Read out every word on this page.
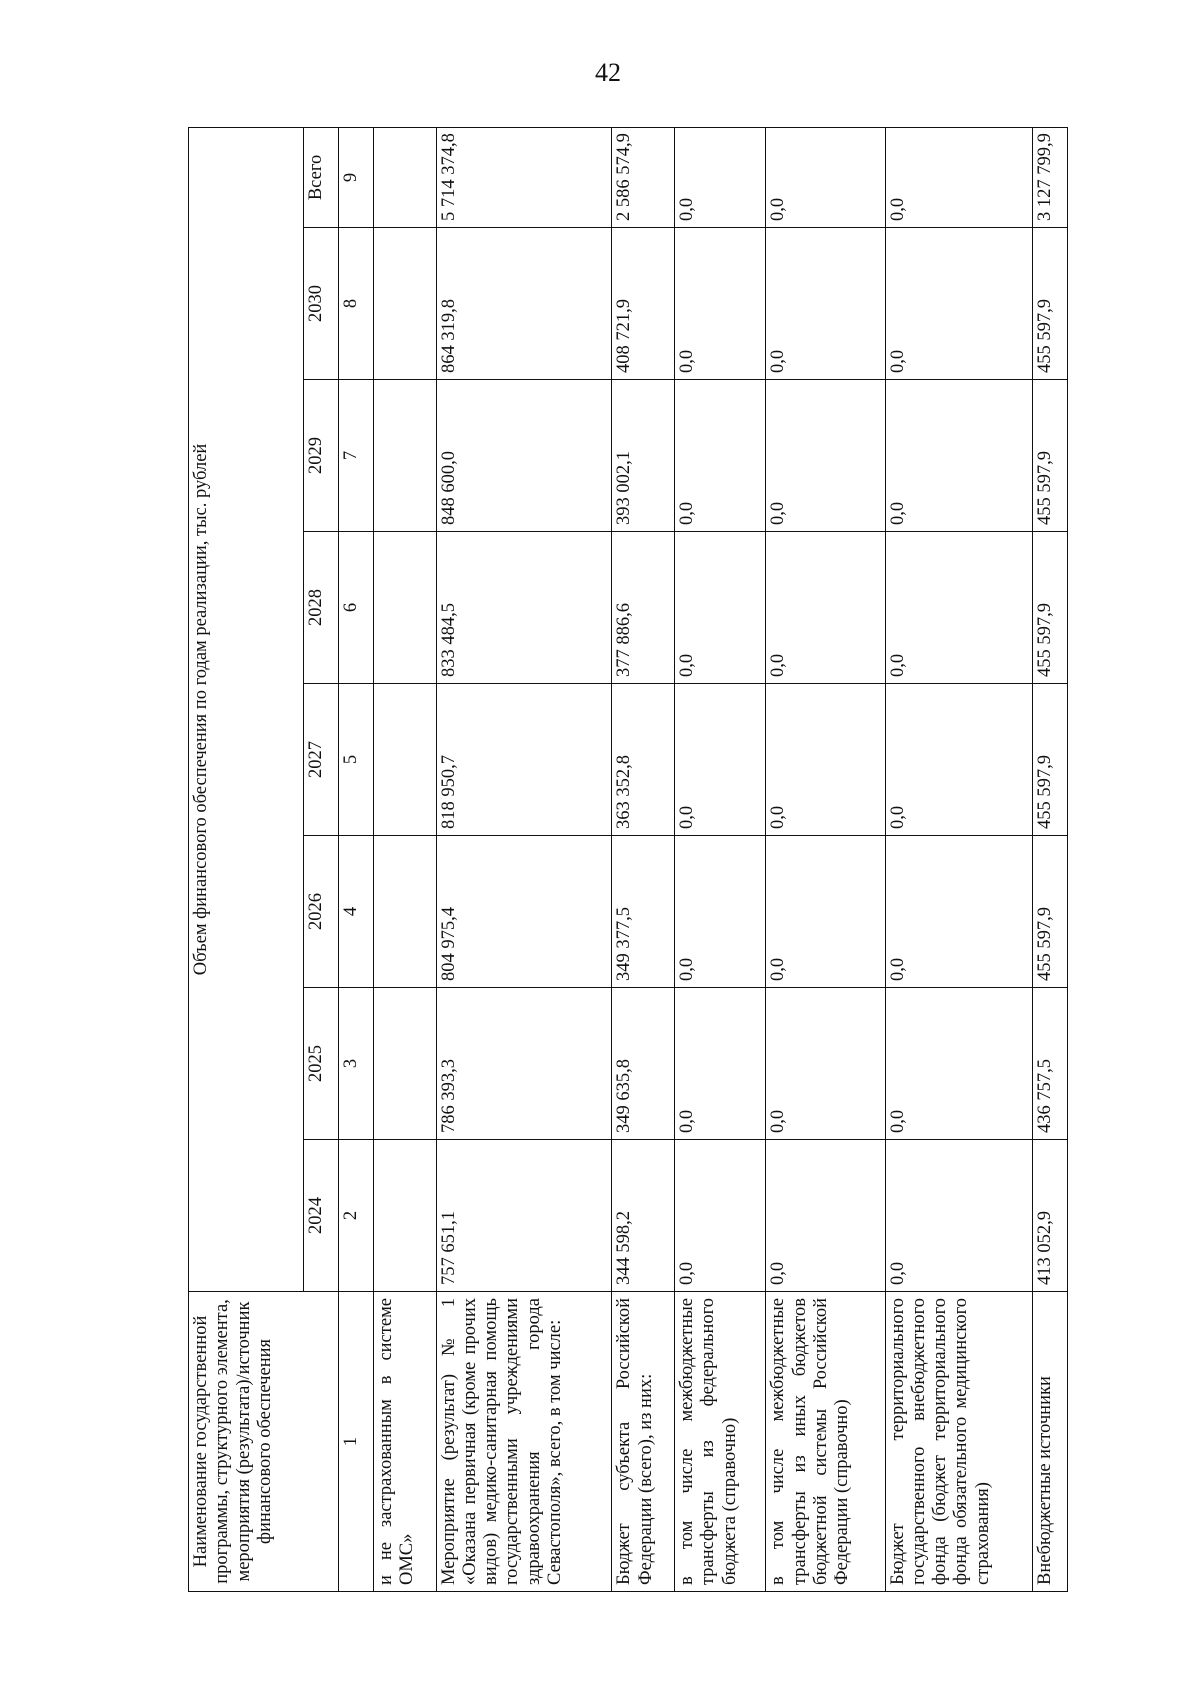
42
Наименование государственной программы, структурного элемента, мероприятия (результата)/источник финансового обеспечения	Объем финансового обеспечения по годам реализации, тыс. рублей							
	2024	2025	2026	2027	2028	2029	2030	Всего
1	2	3	4	5	6	7	8	9
и не застрахованным в системе ОМС»								
Мероприятие (результат) № 1 «Оказана первичная (кроме прочих видов) медико-санитарная помощь государственными учреждениями здравоохранения города Севастополя», всего, в том числе:	757 651,1	786 393,3	804 975,4	818 950,7	833 484,5	848 600,0	864 319,8	5 714 374,8
Бюджет субъекта Российской Федерации (всего), из них:	344 598,2	349 635,8	349 377,5	363 352,8	377 886,6	393 002,1	408 721,9	2 586 574,9
в том числе межбюджетные трансферты из федерального бюджета (справочно)	0,0	0,0	0,0	0,0	0,0	0,0	0,0	0,0
в том числе межбюджетные трансферты из иных бюджетов бюджетной системы Российской Федерации (справочно)	0,0	0,0	0,0	0,0	0,0	0,0	0,0	0,0
Бюджет территориального государственного внебюджетного фонда (бюджет территориального фонда обязательного медицинского страхования)	0,0	0,0	0,0	0,0	0,0	0,0	0,0	0,0
Внебюджетные источники	413 052,9	436 757,5	455 597,9	455 597,9	455 597,9	455 597,9	455 597,9	3 127 799,9
